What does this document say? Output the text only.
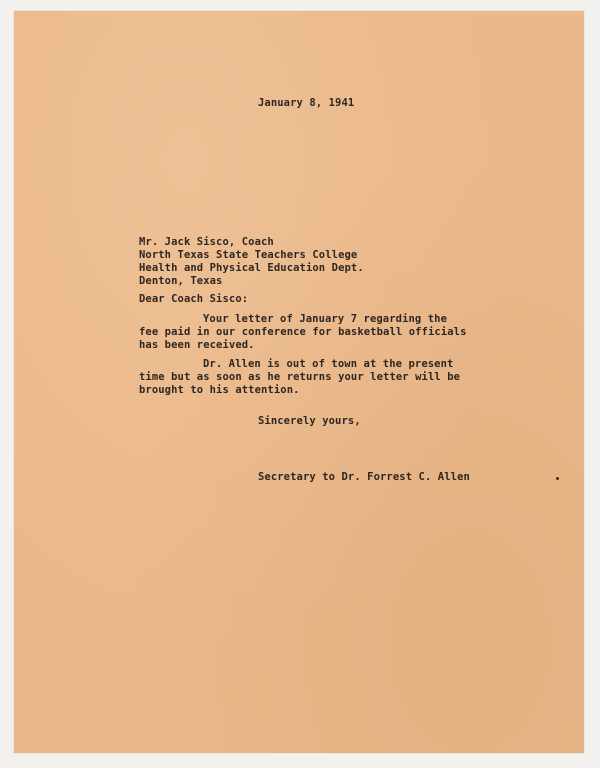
January 8, 1941
Mr. Jack Sisco, Coach
North Texas State Teachers College
Health and Physical Education Dept.
Denton, Texas
Dear Coach Sisco:
Your letter of January 7 regarding the
fee paid in our conference for basketball officials
has been received.
Dr. Allen is out of town at the present
time but as soon as he returns your letter will be
brought to his attention.
Sincerely yours,
Secretary to Dr. Forrest C. Allen
